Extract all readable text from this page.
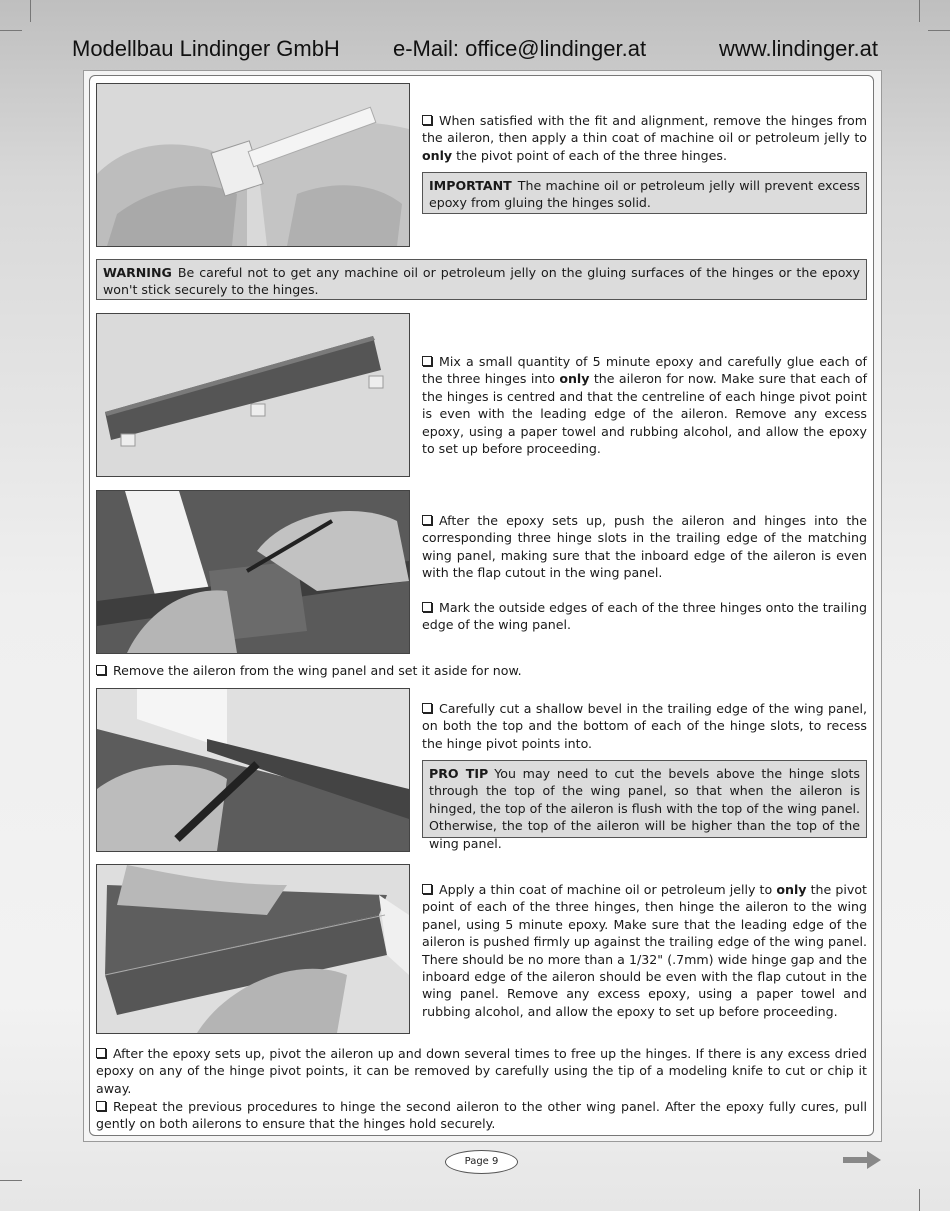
Modellbau Lindinger GmbH e-Mail: office@lindinger.at	www.lindinger.at
When satisfied with the fit and alignment, remove the hinges from the aileron, then apply a thin coat of machine oil or petroleum jelly to only the pivot point of each of the three hinges.
IMPORTANT The machine oil or petroleum jelly will prevent excess epoxy from gluing the hinges solid.
WARNING Be careful not to get any machine oil or petroleum jelly on the gluing surfaces of the hinges or the epoxy won't stick securely to the hinges.
Mix a small quantity of 5 minute epoxy and carefully glue each of the three hinges into only the aileron for now. Make sure that each of the hinges is centred and that the centreline of each hinge pivot point is even with the leading edge of the aileron. Remove any excess epoxy, using a paper towel and rubbing alcohol, and allow the epoxy to set up before proceeding.
After the epoxy sets up, push the aileron and hinges into the corresponding three hinge slots in the trailing edge of the matching wing panel, making sure that the inboard edge of the aileron is even with the flap cutout in the wing panel.
Mark the outside edges of each of the three hinges onto the trailing edge of the wing panel.
Remove the aileron from the wing panel and set it aside for now.
Carefully cut a shallow bevel in the trailing edge of the wing panel, on both the top and the bottom of each of the hinge slots, to recess the hinge pivot points into.
PRO TIP You may need to cut the bevels above the hinge slots through the top of the wing panel, so that when the aileron is hinged, the top of the aileron is flush with the top of the wing panel. Otherwise, the top of the aileron will be higher than the top of the wing panel.
Apply a thin coat of machine oil or petroleum jelly to only the pivot point of each of the three hinges, then hinge the aileron to the wing panel, using 5 minute epoxy. Make sure that the leading edge of the aileron is pushed firmly up against the trailing edge of the wing panel. There should be no more than a 1/32" (.7mm) wide hinge gap and the inboard edge of the aileron should be even with the flap cutout in the wing panel. Remove any excess epoxy, using a paper towel and rubbing alcohol, and allow the epoxy to set up before proceeding.
After the epoxy sets up, pivot the aileron up and down several times to free up the hinges. If there is any excess dried epoxy on any of the hinge pivot points, it can be removed by carefully using the tip of a modeling knife to cut or chip it away.
Repeat the previous procedures to hinge the second aileron to the other wing panel. After the epoxy fully cures, pull gently on both ailerons to ensure that the hinges hold securely.
Page 9
